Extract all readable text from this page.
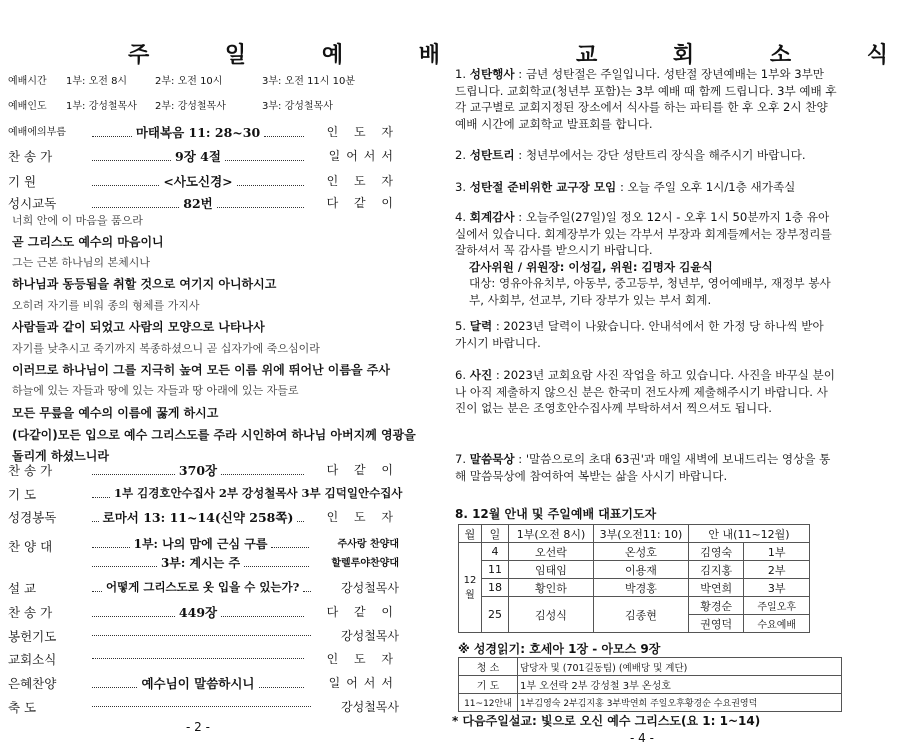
주 일 예 배
예배시간 1부: 오전 8시	2부: 오전 10시	3부: 오전 11시 10분
예배인도 1부: 강성철목사 2부: 강성철목사	3부: 강성철목사
예배에의부름	마태복음 11: 28~30	인 도 자
찬 송 가	9장 4절	일어서서
기 원	<사도신경>	인 도 자
성시교독	82번	다 같 이
너희 안에 이 마음을 품으라
곧 그리스도 예수의 마음이니
그는 근본 하나님의 본체시나
하나님과 동등됨을 취할 것으로 여기지 아니하시고
오히려 자기를 비워 종의 형체를 가지사
사람들과 같이 되었고 사람의 모양으로 나타나사
자기를 낮추시고 죽기까지 복종하셨으니 곧 십자가에 죽으심이라
이러므로 하나님이 그를 지극히 높여 모든 이름 위에 뛰어난 이름을 주사
하늘에 있는 자들과 땅에 있는 자들과 땅 아래에 있는 자들로
모든 무릎을 예수의 이름에 꿇게 하시고
(다같이)모든 입으로 예수 그리스도를 주라 시인하여 하나님 아버지께 영광을
돌리게 하셨느니라
찬 송 가	370장	다 같 이
기 도	1부 김경호안수집사 2부 강성철목사 3부 김덕일안수집사
성경봉독	로마서 13: 11~14(신약 258쪽)	인 도 자
찬 양 대	1부: 나의 맘에 근심 구름	주사랑 찬양대
3부: 계시는 주	할렐루야찬양대
설 교	어떻게 그리스도로 옷 입을 수 있는가?	강성철목사
찬 송 가	449장	다 같 이
봉헌기도	강성철목사
교회소식	인 도 자
은혜찬양	예수님이 말씀하시니	일어서서
축 도	강성철목사
- 2 -
교 회 소 식
1. 성탄행사 : 금년 성탄절은 주일입니다. 성탄절 장년예배는 1부와 3부만 드립니다. 교회학교(청년부 포함)는 3부 예배 때 함께 드립니다. 3부 예배 후 각 교구별로 교회지정된 장소에서 식사를 하는 파티를 한 후 오후 2시 찬양예배 시간에 교회학교 발표회를 합니다.
2. 성탄트리 : 청년부에서는 강단 성탄트리 장식을 해주시기 바랍니다.
3. 성탄절 준비위한 교구장 모임 : 오늘 주일 오후 1시/1층 새가족실
4. 회계감사 : 오늘주일(27일)일 정오 12시 - 오후 1시 50분까지 1층 유아실에서 있습니다. 회계장부가 있는 각부서 부장과 회계들께서는 장부정리를 잘하셔서 꼭 감사를 받으시기 바랍니다.
감사위원 / 위원장: 이성길, 위원: 김명자 김윤식
대상: 영유아유치부, 아동부, 중고등부, 청년부, 영어예배부, 재정부 봉사부, 사회부, 선교부, 기타 장부가 있는 부서 회계.
5. 달력 : 2023년 달력이 나왔습니다. 안내석에서 한 가정 당 하나씩 받아 가시기 바랍니다.
6. 사진 : 2023년 교회요람 사진 작업을 하고 있습니다. 사진을 바꾸실 분이나 아직 제출하지 않으신 분은 한국미 전도사께 제출해주시기 바랍니다. 사진이 없는 분은 조영호안수집사께 부탁하셔서 찍으셔도 됩니다.
7. 말씀묵상 : '말씀으로의 초대 63권'과 매일 새벽에 보내드리는 영상을 통해 말씀묵상에 참여하여 복받는 삶을 사시기 바랍니다.
8. 12월 안내 및 주일예배 대표기도자
월	일	1부(오전 8시)	3부(오전11: 10)	안 내(11~12월)	
12월	4	오선락	온성호	김영숙	1부
	11	임태임	이용재	김지홍	2부
	18	황인하	박경홍	박연희	3부
	25	김성식	김종현	황경순	주일오후
				권영덕	수요예배
※ 성경읽기: 호세아 1장 - 아모스 9장
청 소	담당자 및 (701길동팀) (예배당 및 계단)
기 도	1부 오선락 2부 강성철 3부 온성호
11~12안내	1부김영숙 2부김지홍 3부박연희 주일오후황경순 수요권영덕
* 다음주일설교: 빛으로 오신 예수 그리스도(요 1: 1~14)
- 4 -
